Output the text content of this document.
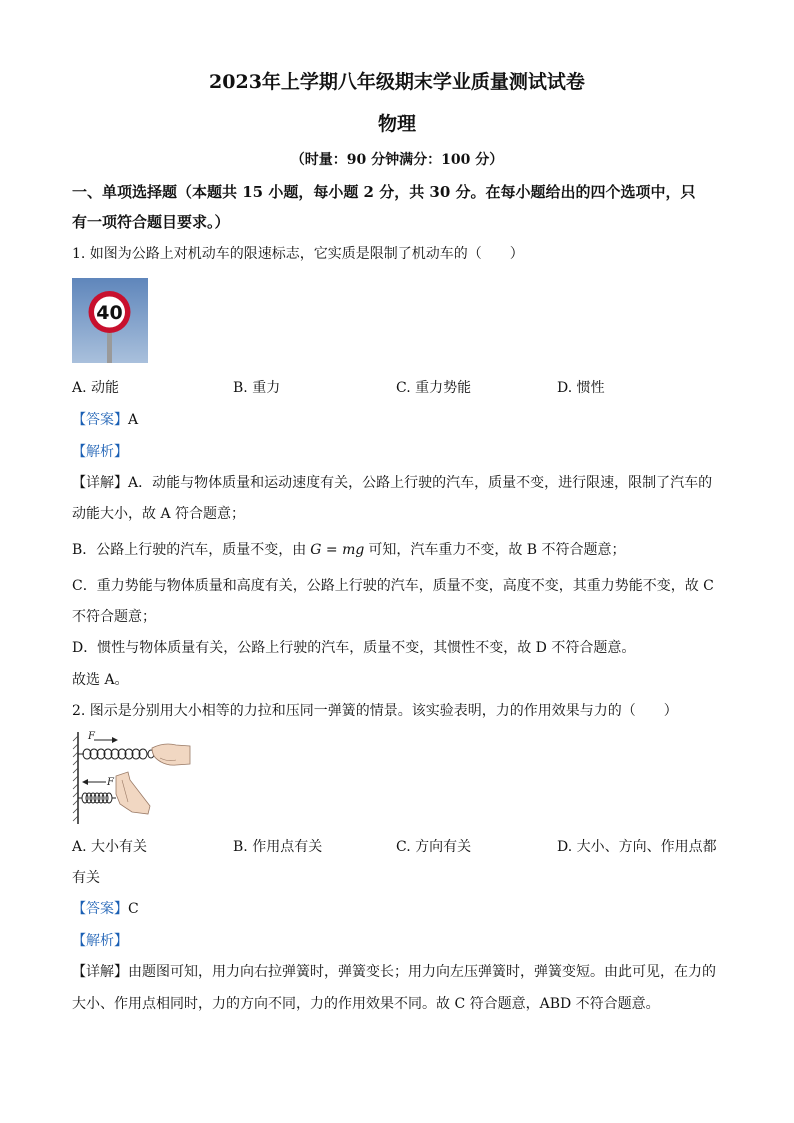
2023年上学期八年级期末学业质量测试试卷
物理
（时量：90 分钟满分：100 分）
一、单项选择题（本题共 15 小题，每小题 2 分，共 30 分。在每小题给出的四个选项中，只
有一项符合题目要求。）
1. 如图为公路上对机动车的限速标志，它实质是限制了机动车的（　　）
40
A. 动能	B. 重力	C. 重力势能	D. 惯性
【答案】A
【解析】
【详解】A．动能与物体质量和运动速度有关，公路上行驶的汽车，质量不变，进行限速，限制了汽车的
动能大小，故 A 符合题意；
B．公路上行驶的汽车，质量不变，由 G = mg 可知，汽车重力不变，故 B 不符合题意；
C．重力势能与物体质量和高度有关，公路上行驶的汽车，质量不变，高度不变，其重力势能不变，故 C
不符合题意；
D．惯性与物体质量有关，公路上行驶的汽车，质量不变，其惯性不变，故 D 不符合题意。
故选 A。
2. 图示是分别用大小相等的力拉和压同一弹簧的情景。该实验表明，力的作用效果与力的（　　）
F
F
A. 大小有关	B. 作用点有关	C. 方向有关	D. 大小、方向、作用点都
有关
【答案】C
【解析】
【详解】由题图可知，用力向右拉弹簧时，弹簧变长；用力向左压弹簧时，弹簧变短。由此可见，在力的
大小、作用点相同时，力的方向不同，力的作用效果不同。故 C 符合题意，ABD 不符合题意。
